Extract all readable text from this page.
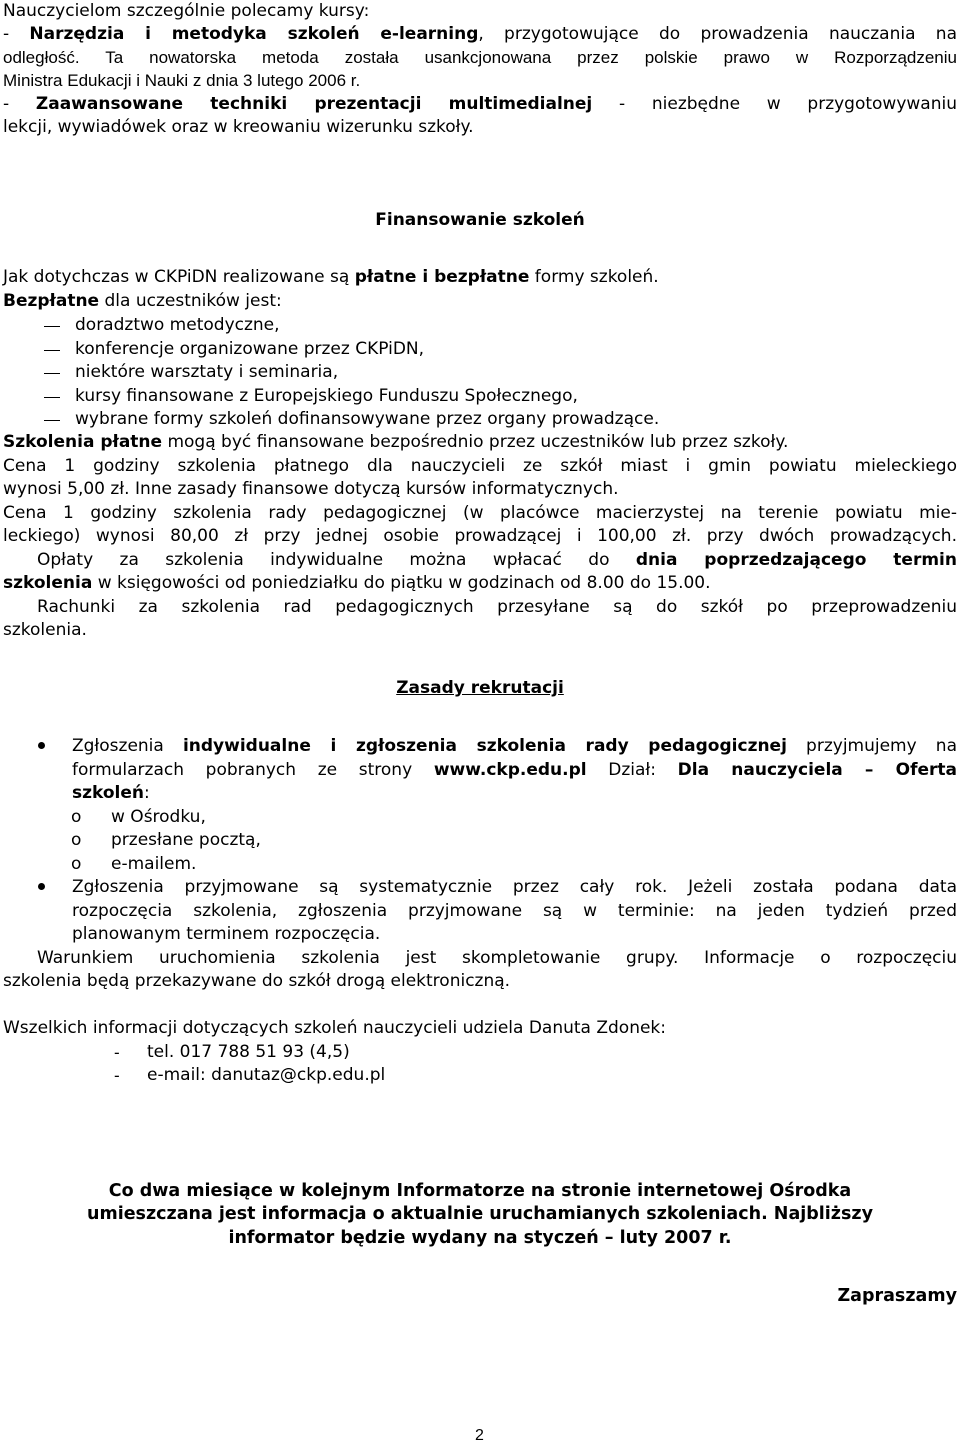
Nauczycielom szczególnie polecamy kursy:
- Narzędzia i metodyka szkoleń e-learning, przygotowujące do prowadzenia nauczania na
odległość. Ta nowatorska metoda została usankcjonowana przez polskie prawo w Rozporządzeniu
Ministra Edukacji i Nauki z dnia 3 lutego 2006 r.
- Zaawansowane techniki prezentacji multimedialnej - niezbędne w przygotowywaniu
lekcji, wywiadówek oraz w kreowaniu wizerunku szkoły.
Finansowanie szkoleń
Jak dotychczas w CKPiDN realizowane są płatne i bezpłatne formy szkoleń.
Bezpłatne dla uczestników jest:
doradztwo metodyczne,
konferencje organizowane przez CKPiDN,
niektóre warsztaty i seminaria,
kursy finansowane z Europejskiego Funduszu Społecznego,
wybrane formy szkoleń dofinansowywane przez organy prowadzące.
Szkolenia płatne mogą być finansowane bezpośrednio przez uczestników lub przez szkoły.
Cena 1 godziny szkolenia płatnego dla nauczycieli ze szkół miast i gmin powiatu mieleckiego
wynosi 5,00 zł. Inne zasady finansowe dotyczą kursów informatycznych.
Cena 1 godziny szkolenia rady pedagogicznej (w placówce macierzystej na terenie powiatu mie-
leckiego) wynosi 80,00 zł przy jednej osobie prowadzącej i 100,00 zł. przy dwóch prowadzących.
Opłaty za szkolenia indywidualne można wpłacać do dnia poprzedzającego termin
szkolenia w księgowości od poniedziałku do piątku w godzinach od 8.00 do 15.00.
Rachunki za szkolenia rad pedagogicznych przesyłane są do szkół po przeprowadzeniu
szkolenia.
Zasady rekrutacji
Zgłoszenia indywidualne i zgłoszenia szkolenia rady pedagogicznej przyjmujemy na
formularzach pobranych ze strony www.ckp.edu.pl Dział: Dla nauczyciela – Oferta
szkoleń:
o w Ośrodku,
o przesłane pocztą,
o e-mailem.
Zgłoszenia przyjmowane są systematycznie przez cały rok. Jeżeli została podana data
rozpoczęcia szkolenia, zgłoszenia przyjmowane są w terminie: na jeden tydzień przed
planowanym terminem rozpoczęcia.
Warunkiem uruchomienia szkolenia jest skompletowanie grupy. Informacje o rozpoczęciu
szkolenia będą przekazywane do szkół drogą elektroniczną.
Wszelkich informacji dotyczących szkoleń nauczycieli udziela Danuta Zdonek:
- tel. 017 788 51 93 (4,5)
- e-mail: danutaz@ckp.edu.pl
Co dwa miesiące w kolejnym Informatorze na stronie internetowej Ośrodka
umieszczana jest informacja o aktualnie uruchamianych szkoleniach. Najbliższy
informator będzie wydany na styczeń – luty 2007 r.
Zapraszamy
2
